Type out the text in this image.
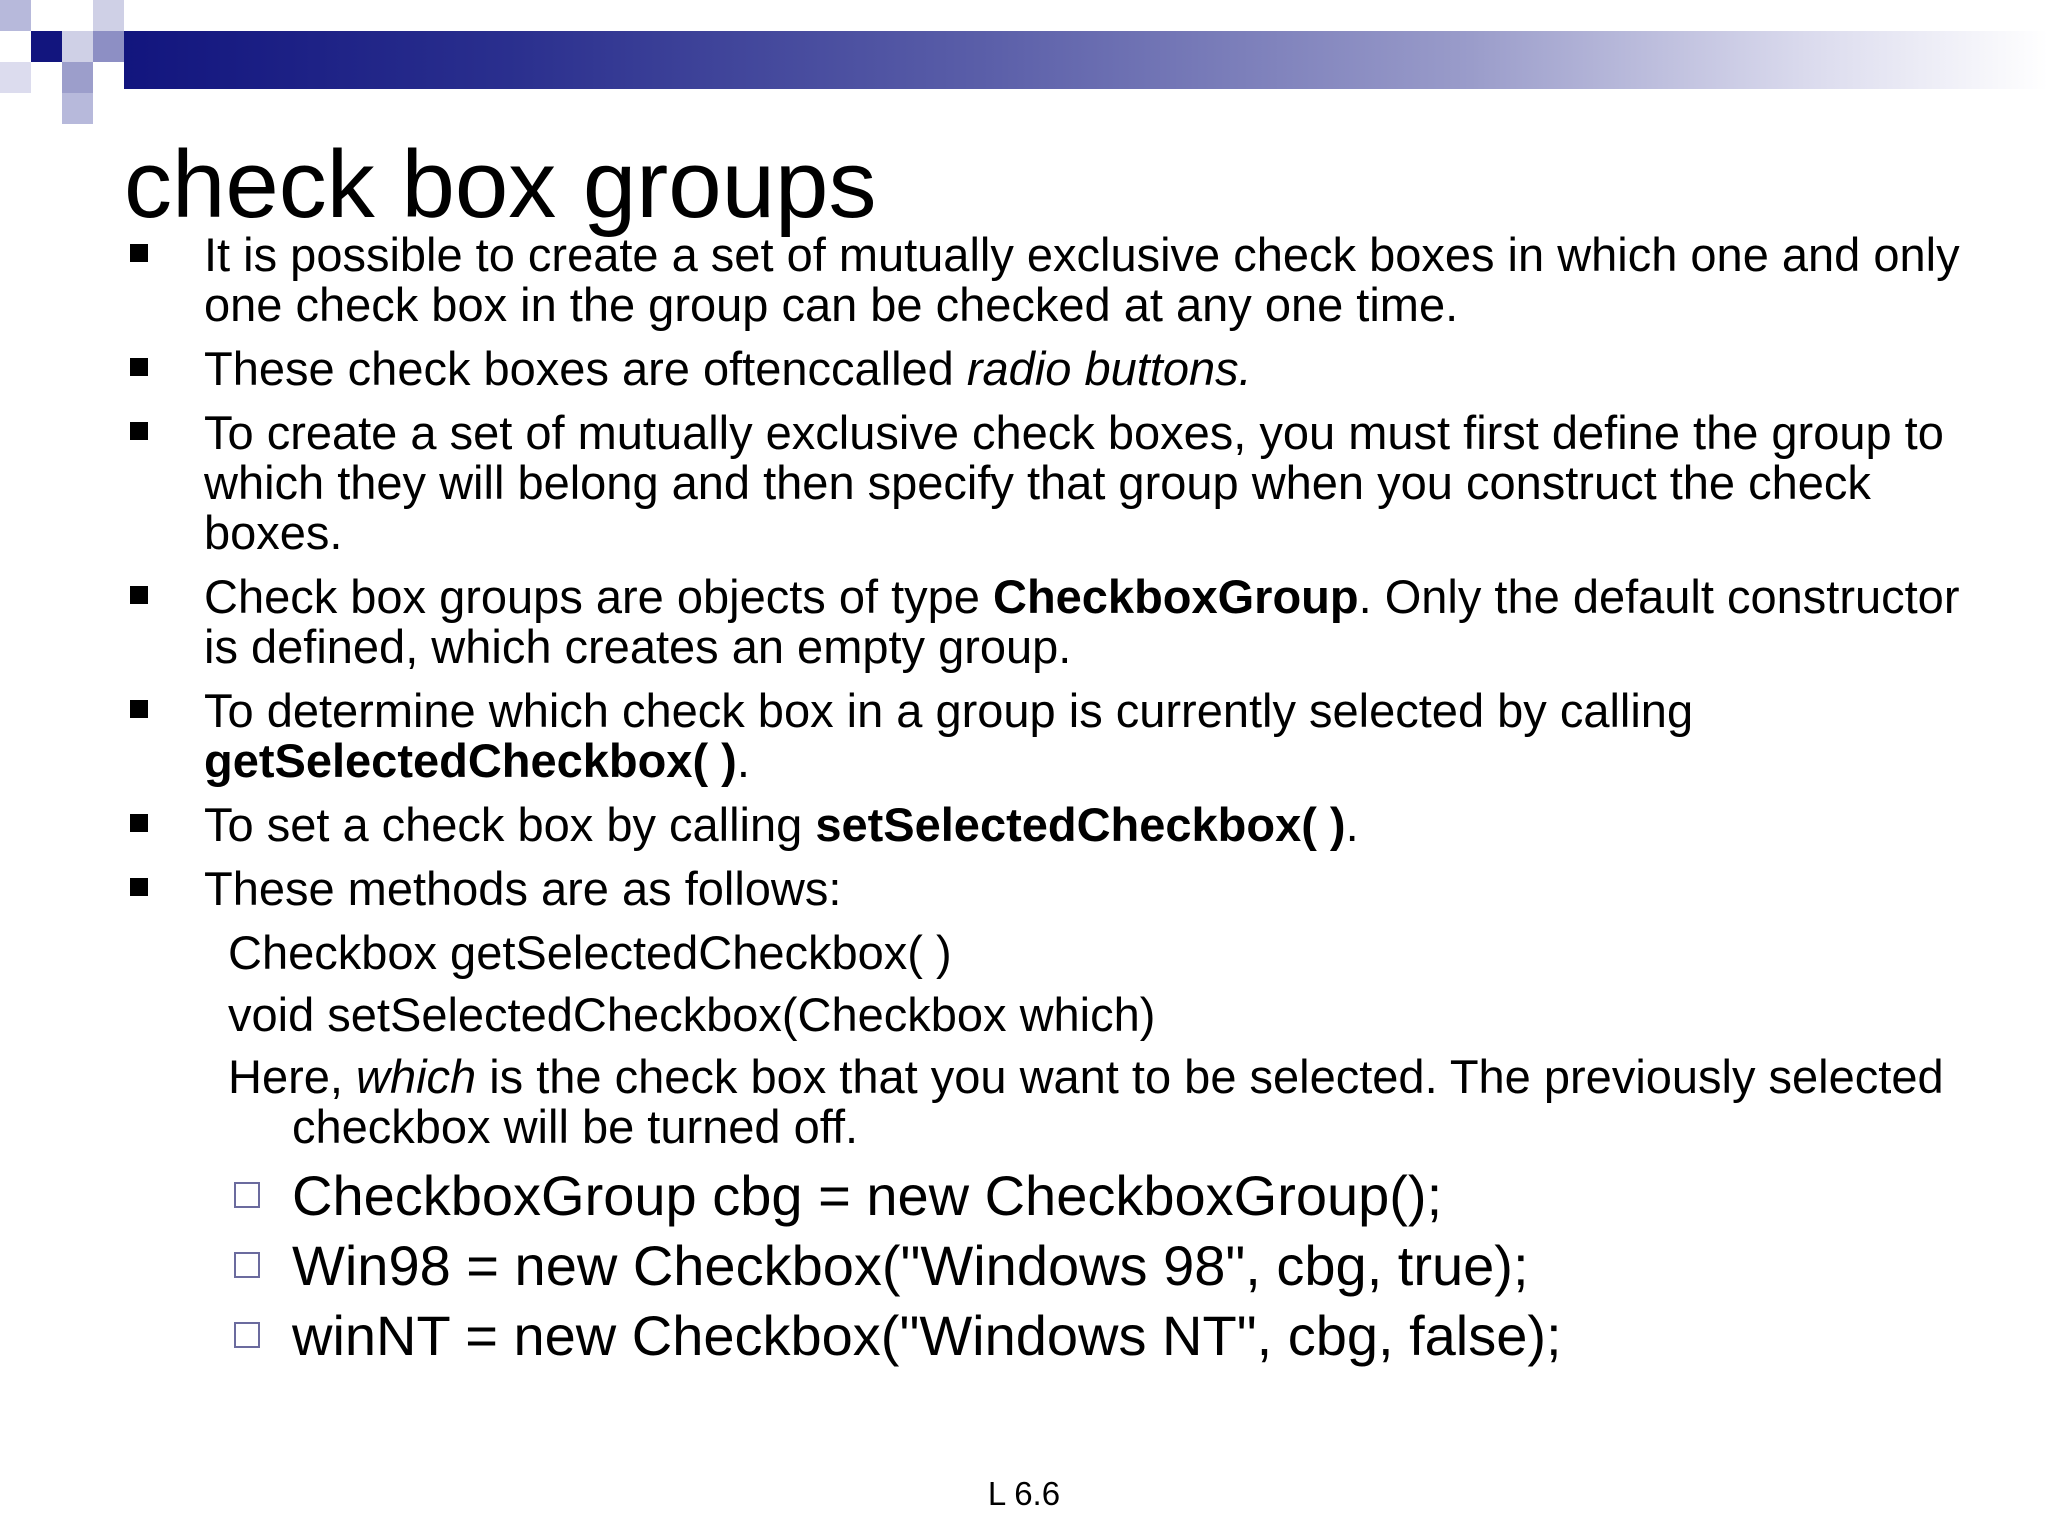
check box groups
It is possible to create a set of mutually exclusive check boxes in which one and only one check box in the group can be checked at any one time.
These check boxes are oftenccalled radio buttons.
To create a set of mutually exclusive check boxes, you must first define the group to which they will belong and then specify that group when you construct the check boxes.
Check box groups are objects of type CheckboxGroup. Only the default constructor is defined, which creates an empty group.
To determine which check box in a group is currently selected by calling getSelectedCheckbox( ).
To set a check box by calling setSelectedCheckbox( ).
These methods are as follows:
Checkbox getSelectedCheckbox( )
void setSelectedCheckbox(Checkbox which)
Here, which is the check box that you want to be selected. The previously selected checkbox will be turned off.
CheckboxGroup cbg = new CheckboxGroup();
Win98 = new Checkbox("Windows 98", cbg, true);
winNT = new Checkbox("Windows NT", cbg, false);
L 6.6
